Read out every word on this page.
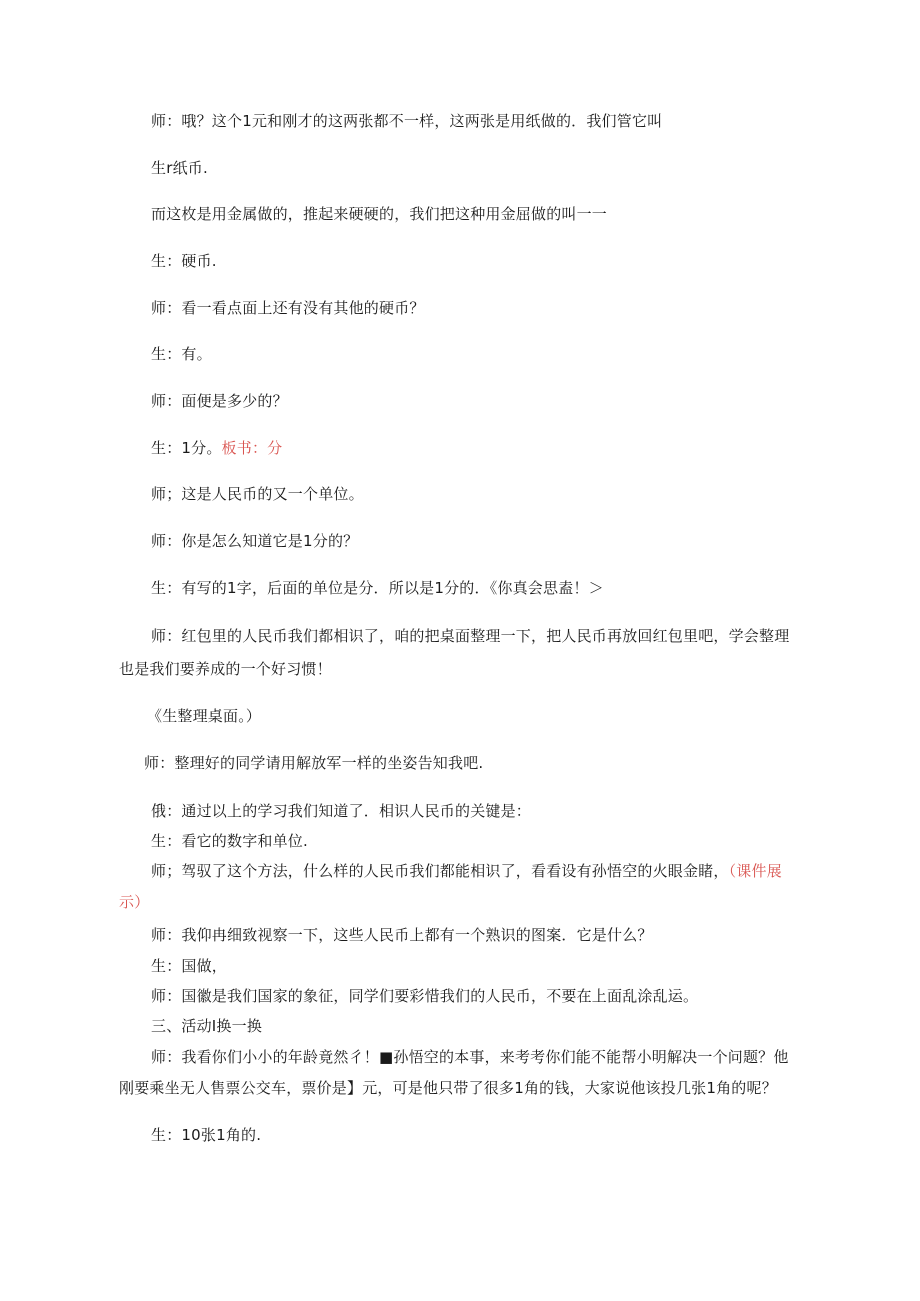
师：哦？这个1元和刚才的这两张都不一样，这两张是用纸做的．我们管它叫
生r纸币.
而这枚是用金属做的，推起来硬硬的，我们把这种用金屈做的叫一一
生：硬币.
师：看一看点面上还有没有其他的硬币？
生：有。
师：面便是多少的？
生：1分。板书：分
师；这是人民币的又一个单位。
师：你是怎么知道它是1分的？
生：有写的1字，后面的单位是分．所以是1分的．《你真会思盍！＞
师：红包里的人民币我们都相识了，咱的把桌面整理一下，把人民币再放回红包里吧，学会整理也是我们要养成的一个好习惯！
《生整理桌面。）
师：整理好的同学请用解放军一样的坐姿告知我吧.
俄：通过以上的学习我们知道了．相识人民币的关键是：
生：看它的数字和单位.
师；驾驭了这个方法，什么样的人民币我们都能相识了，看看设有孙悟空的火眼金睹，（课件展示）
师：我仰冉细致视察一下，这些人民币上都有一个熟识的图案．它是什么？
生：国做，
师：国徽是我们国家的象征，同学们要彩惜我们的人民币，不要在上面乱涂乱运。
三、活动I换一换
师：我看你们小小的年龄竟然彳！■孙悟空的本事，来考考你们能不能帮小明解决一个问题？他刚要乘坐无人售票公交车，票价是】元，可是他只带了很多1角的钱，大家说他该投几张1角的呢？
生：10张1角的.
